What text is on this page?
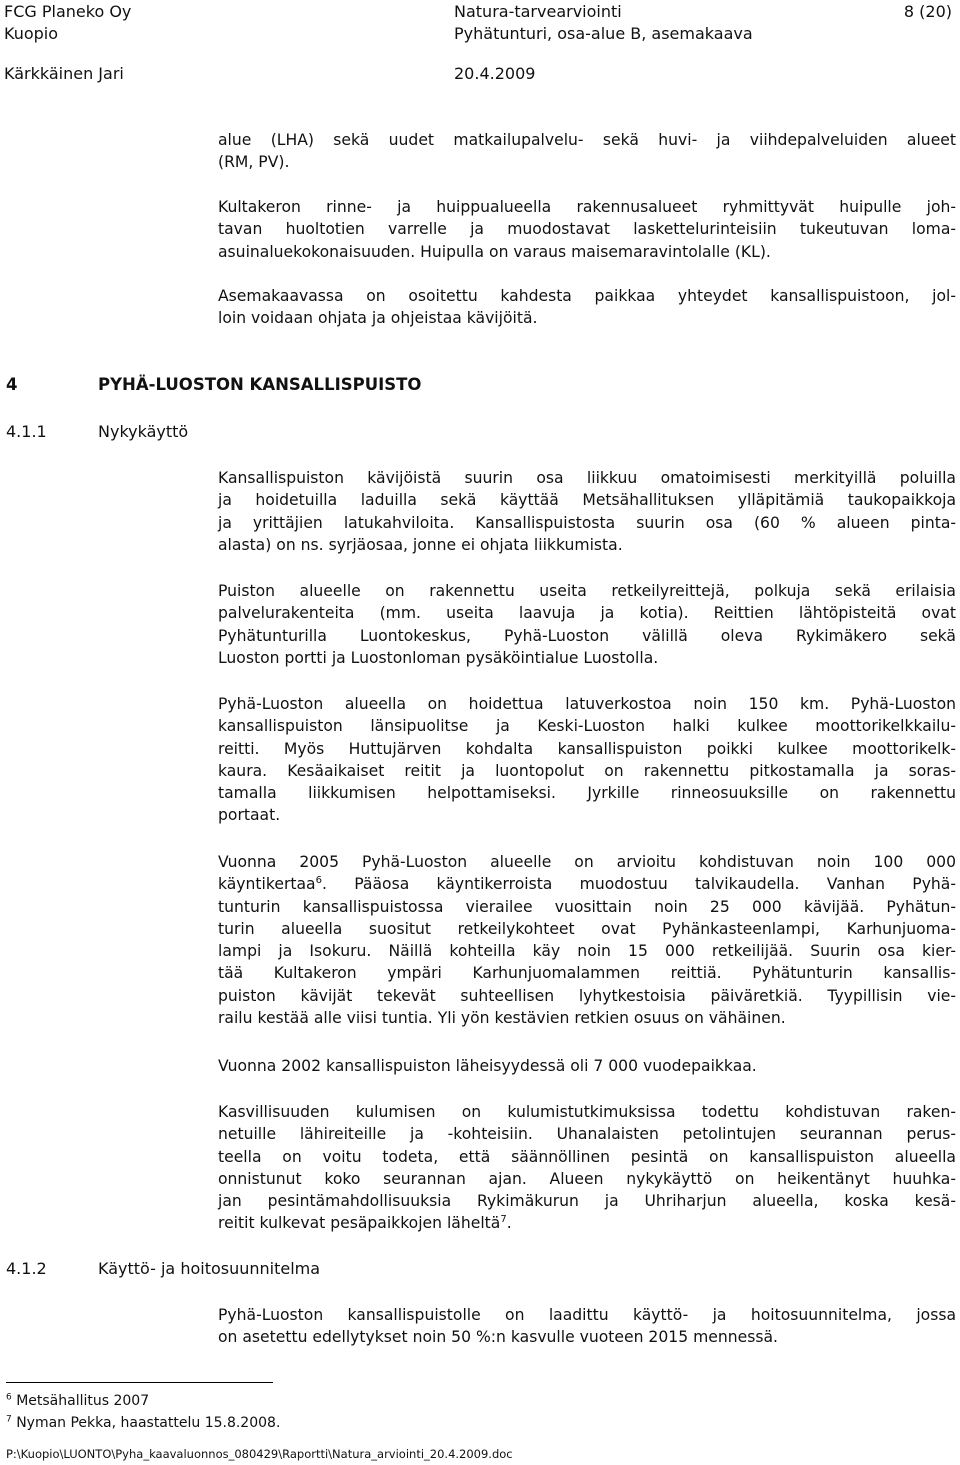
FCG Planeko Oy
Kuopio
Kärkkäinen Jari
Natura-tarvearviointi
Pyhätunturi, osa-alue B, asemakaava
20.4.2009
8 (20)
alue (LHA) sekä uudet matkailupalvelu- sekä huvi- ja viihdepalveluiden alueet
(RM, PV).
Kultakeron rinne- ja huippualueella rakennusalueet ryhmittyvät huipulle joh-
tavan huoltotien varrelle ja muodostavat laskettelurinteisiin tukeutuvan loma-
asuinaluekokonaisuuden. Huipulla on varaus maisemaravintolalle (KL).
Asemakaavassa on osoitettu kahdesta paikkaa yhteydet kansallispuistoon, jol-
loin voidaan ohjata ja ohjeistaa kävijöitä.
4	PYHÄ-LUOSTON KANSALLISPUISTO
4.1.1	Nykykäyttö
Kansallispuiston kävijöistä suurin osa liikkuu omatoimisesti merkityillä poluilla
ja hoidetuilla laduilla sekä käyttää Metsähallituksen ylläpitämiä taukopaikkoja
ja yrittäjien latukahviloita. Kansallispuistosta suurin osa (60 % alueen pinta-
alasta) on ns. syrjäosaa, jonne ei ohjata liikkumista.
Puiston alueelle on rakennettu useita retkeilyreittejä, polkuja sekä erilaisia
palvelurakenteita (mm. useita laavuja ja kotia). Reittien lähtöpisteitä ovat
Pyhätunturilla Luontokeskus, Pyhä-Luoston välillä oleva Rykimäkero sekä
Luoston portti ja Luostonloman pysäköintialue Luostolla.
Pyhä-Luoston alueella on hoidettua latuverkostoa noin 150 km. Pyhä-Luoston
kansallispuiston länsipuolitse ja Keski-Luoston halki kulkee moottorikelkkailu-
reitti. Myös Huttujärven kohdalta kansallispuiston poikki kulkee moottorikelk-
kaura. Kesäaikaiset reitit ja luontopolut on rakennettu pitkostamalla ja soras-
tamalla liikkumisen helpottamiseksi. Jyrkille rinneosuuksille on rakennettu
portaat.
Vuonna 2005 Pyhä-Luoston alueelle on arvioitu kohdistuvan noin 100 000
käyntikertaa$^6$. Pääosa käyntikerroista muodostuu talvikaudella. Vanhan Pyhä-
tunturin kansallispuistossa vierailee vuosittain noin 25 000 kävijää. Pyhätun-
turin alueella suositut retkeilykohteet ovat Pyhänkasteenlampi, Karhunjuoma-
lampi ja Isokuru. Näillä kohteilla käy noin 15 000 retkeilijää. Suurin osa kier-
tää Kultakeron ympäri Karhunjuomalammen reittiä. Pyhätunturin kansallis-
puiston kävijät tekevät suhteellisen lyhytkestoisia päiväretkiä. Tyypillisin vie-
railu kestää alle viisi tuntia. Yli yön kestävien retkien osuus on vähäinen.
Vuonna 2002 kansallispuiston läheisyydessä oli 7 000 vuodepaikkaa.
Kasvillisuuden kulumisen on kulumistutkimuksissa todettu kohdistuvan raken-
netuille lähireiteille ja -kohteisiin. Uhanalaisten petolintujen seurannan perus-
teella on voitu todeta, että säännöllinen pesintä on kansallispuiston alueella
onnistunut koko seurannan ajan. Alueen nykykäyttö on heikentänyt huuhka-
jan pesintämahdollisuuksia Rykimäkurun ja Uhriharjun alueella, koska kesä-
reitit kulkevat pesäpaikkojen läheltä$^7$.
4.1.2	Käyttö- ja hoitosuunnitelma
Pyhä-Luoston kansallispuistolle on laadittu käyttö- ja hoitosuunnitelma, jossa
on asetettu edellytykset noin 50 %:n kasvulle vuoteen 2015 mennessä.
$^6$ Metsähallitus 2007
$^7$ Nyman Pekka, haastattelu 15.8.2008.
P:\Kuopio\LUONTO\Pyha_kaavaluonnos_080429\Raportti\Natura_arviointi_20.4.2009.doc
